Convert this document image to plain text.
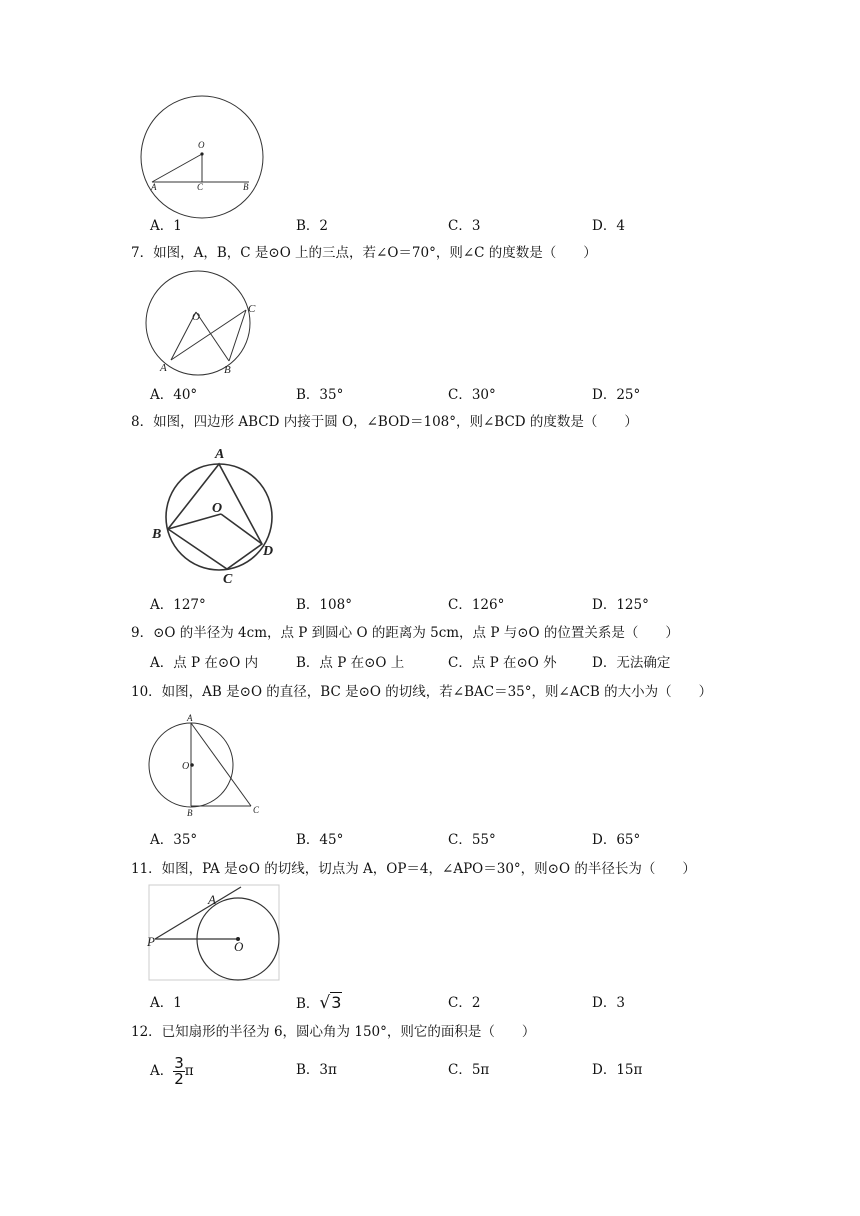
O
A	C	B
A．1	B．2	C．3	D．4
7．如图，A，B，C 是⊙O 上的三点，若∠O＝70°，则∠C 的度数是（　　）
O
A	B
C
A．40°	B．35°	C．30°	D．25°
8．如图，四边形 ABCD 内接于圆 O，∠BOD＝108°，则∠BCD 的度数是（　　）
A
O
B
D
C
A．127°	B．108°	C．126°	D．125°
9．⊙O 的半径为 4cm，点 P 到圆心 O 的距离为 5cm，点 P 与⊙O 的位置关系是（　　）
A．点 P 在⊙O 内	B．点 P 在⊙O 上	C．点 P 在⊙O 外	D．无法确定
10．如图，AB 是⊙O 的直径，BC 是⊙O 的切线，若∠BAC＝35°，则∠ACB 的大小为（　　）
A
O
B	C
A．35°	B．45°	C．55°	D．65°
11．如图，PA 是⊙O 的切线，切点为 A，OP＝4，∠APO＝30°，则⊙O 的半径长为（　　）
A
P	O
A．1	B．√3	C．2	D．3
12．已知扇形的半径为 6，圆心角为 150°，则它的面积是（　　）
A． $\frac{3}{2}$ π	B．3π	C．5π	D．15π
